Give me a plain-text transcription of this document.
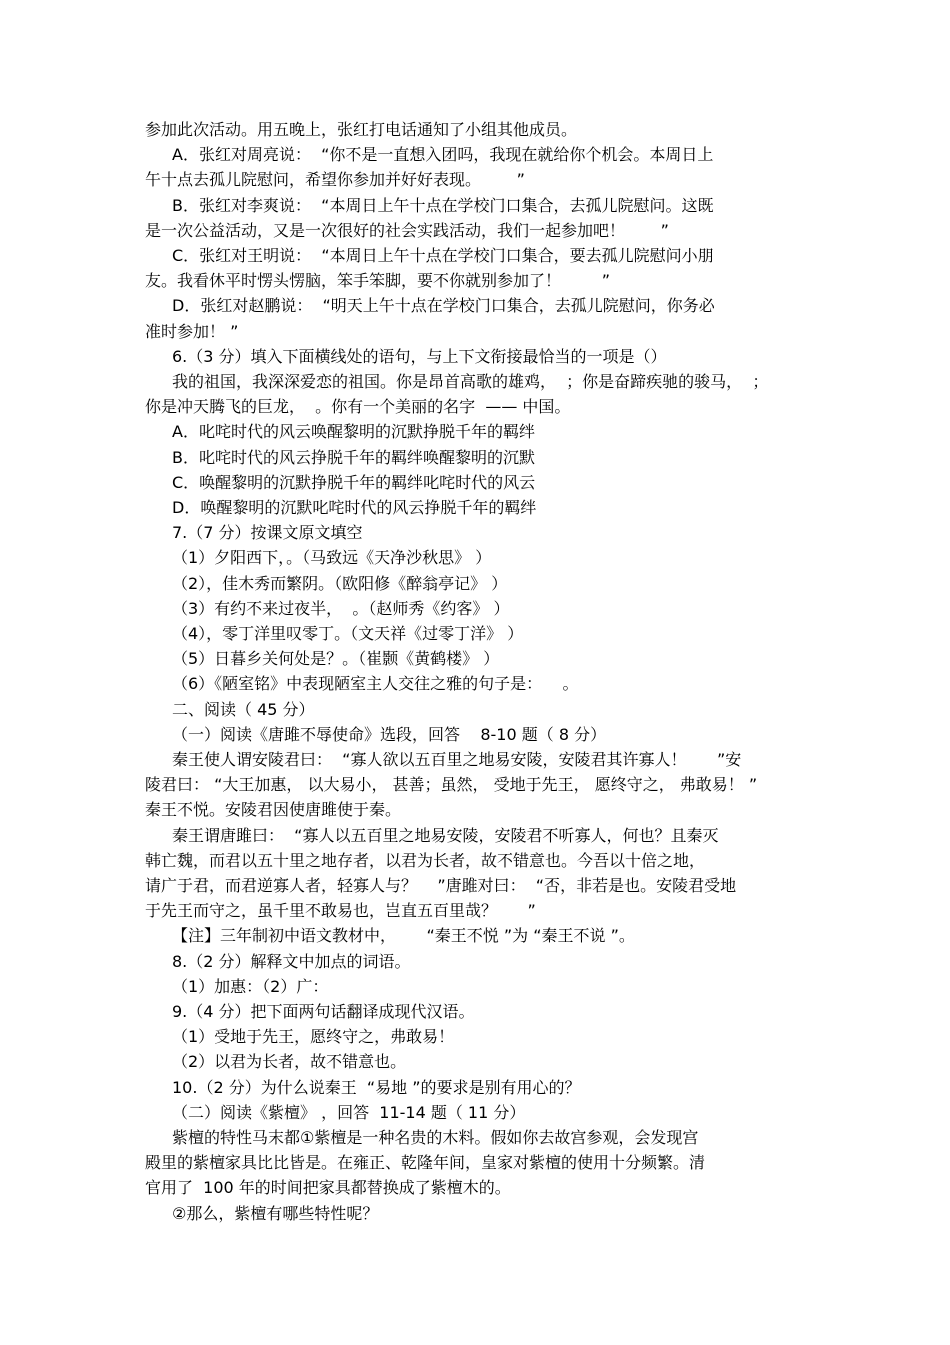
参加此次活动。用五晚上，张红打电话通知了小组其他成员。

A．张红对周亮说：  “你不是一直想入团吗，我现在就给你个机会。本周日上

午十点去孤儿院慰问，希望你参加并好好表现。       ”

B．张红对李爽说：  “本周日上午十点在学校门口集合，去孤儿院慰问。这既

是一次公益活动，又是一次很好的社会实践活动，我们一起参加吧！       ”

C．张红对王明说：  “本周日上午十点在学校门口集合，要去孤儿院慰问小朋

友。我看休平时愣头愣脑，笨手笨脚，要不你就别参加了！        ”

D．张红对赵鹏说：  “明天上午十点在学校门口集合，去孤儿院慰问，你务必

准时参加！ ”

6.（3 分）填入下面横线处的语句，与上下文衔接最恰当的一项是（）

我的祖国，我深深爱恋的祖国。你是昂首高歌的雄鸡，  ；你是奋蹄疾驰的骏马，  ；

你是冲天腾飞的巨龙，  。你有一个美丽的名字  —— 中国。

A．叱咤时代的风云唤醒黎明的沉默挣脱千年的羁绊

B．叱咤时代的风云挣脱千年的羁绊唤醒黎明的沉默

C．唤醒黎明的沉默挣脱千年的羁绊叱咤时代的风云

D．唤醒黎明的沉默叱咤时代的风云挣脱千年的羁绊

7.（7 分）按课文原文填空

（1）夕阳西下，。（马致远《天净沙秋思》 ）

（2），佳木秀而繁阴。（欧阳修《醉翁亭记》 ）

（3）有约不来过夜半，  。（赵师秀《约客》 ）

（4），零丁洋里叹零丁。（文天祥《过零丁洋》 ）

（5）日暮乡关何处是？。（崔颢《黄鹤楼》 ）

（6）《陋室铭》中表现陋室主人交往之雅的句子是：    。

二、阅读（ 45 分）

（一）阅读《唐雎不辱使命》选段，回答    8-10 题（ 8 分）

秦王使人谓安陵君曰：  “寡人欲以五百里之地易安陵，安陵君其许寡人！      ”安

陵君曰： “大王加惠， 以大易小， 甚善；虽然， 受地于先王， 愿终守之， 弗敢易！ ”

秦王不悦。安陵君因使唐雎使于秦。

秦王谓唐雎曰：  “寡人以五百里之地易安陵，安陵君不听寡人，何也？且秦灭

韩亡魏，而君以五十里之地存者，以君为长者，故不错意也。今吾以十倍之地，

请广于君，而君逆寡人者，轻寡人与？    ”唐雎对曰：  “否，非若是也。安陵君受地

于先王而守之，虽千里不敢易也，岂直五百里哉？      ”

【注】三年制初中语文教材中，      “秦王不悦 ”为 “秦王不说 ”。

8.（2 分）解释文中加点的词语。

（1）加惠：（2）广：

9.（4 分）把下面两句话翻译成现代汉语。

（1）受地于先王，愿终守之，弗敢易！

（2）以君为长者，故不错意也。

10.（2 分）为什么说秦王  “易地 ”的要求是别有用心的？

（二）阅读《紫檀》 ，回答  11-14 题（ 11 分）

紫檀的特性马末都①紫檀是一种名贵的木料。假如你去故宫参观，会发现宫

殿里的紫檀家具比比皆是。在雍正、乾隆年间，皇家对紫檀的使用十分频繁。清

官用了  100 年的时间把家具都替换成了紫檀木的。

②那么，紫檀有哪些特性呢？
